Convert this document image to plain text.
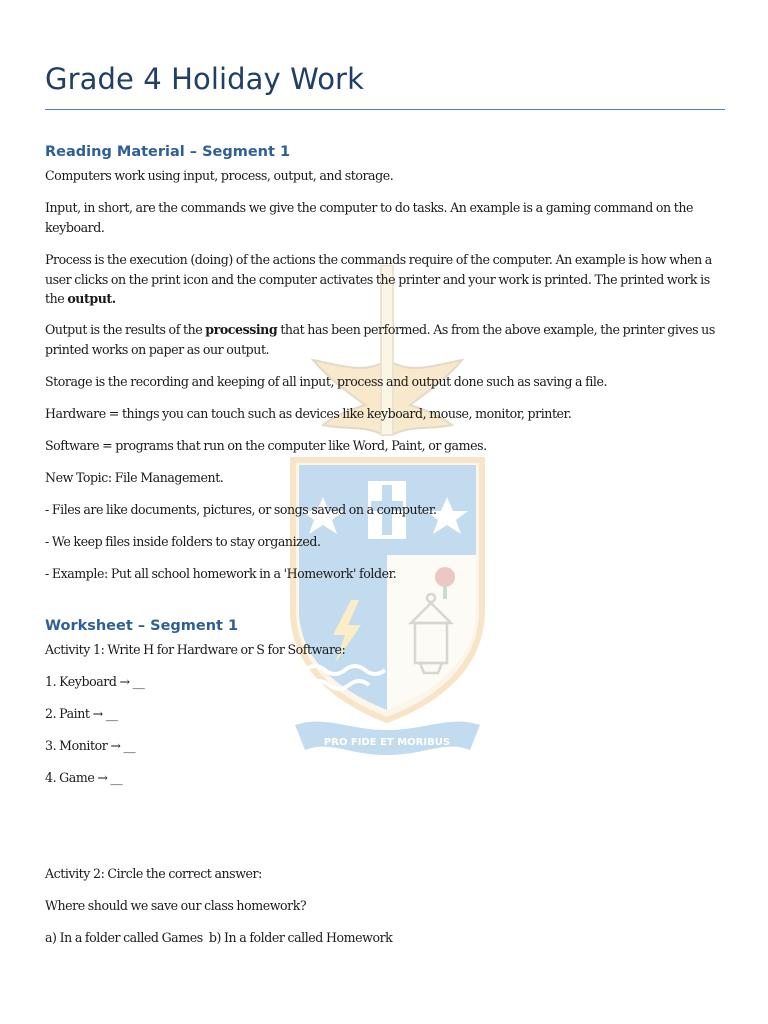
PRO FIDE ET MORIBUS
Grade 4 Holiday Work
Reading Material – Segment 1

Computers work using input, process, output, and storage.

Input, in short, are the commands we give the computer to do tasks. An example is a gaming command on the keyboard.

Process is the execution (doing) of the actions the commands require of the computer. An example is how when a user clicks on the print icon and the computer activates the printer and your work is printed. The printed work is the output.

Output is the results of the processing that has been performed. As from the above example, the printer gives us printed works on paper as our output.

Storage is the recording and keeping of all input, process and output done such as saving a file.

Hardware = things you can touch such as devices like keyboard, mouse, monitor, printer.

Software = programs that run on the computer like Word, Paint, or games.

New Topic: File Management.

- Files are like documents, pictures, or songs saved on a computer.

- We keep files inside folders to stay organized.

- Example: Put all school homework in a 'Homework' folder.

Worksheet – Segment 1

Activity 1: Write H for Hardware or S for Software:

1. Keyboard → __

2. Paint → __

3. Monitor → __

4. Game → __

Activity 2: Circle the correct answer:

Where should we save our class homework?

a) In a folder called Games  b) In a folder called Homework
